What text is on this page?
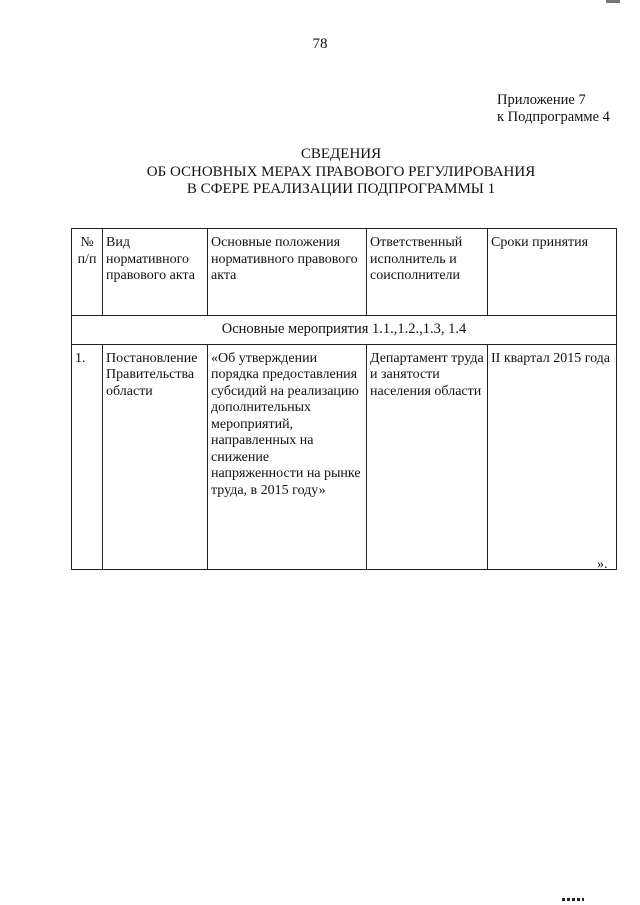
78
Приложение 7
к Подпрограмме 4
СВЕДЕНИЯ
ОБ ОСНОВНЫХ МЕРАХ ПРАВОВОГО РЕГУЛИРОВАНИЯ
В СФЕРЕ РЕАЛИЗАЦИИ ПОДПРОГРАММЫ 1
№ п/п	Вид нормативного правового акта	Основные положения нормативного правового акта	Ответственный исполнитель и соисполнители	Сроки принятия
Основные мероприятия 1.1.,1.2.,1.3, 1.4				
1.	Постановление Правительства области	«Об утверждении порядка предоставления субсидий на реализацию дополнительных мероприятий, направленных на снижение напряженности на рынке труда, в 2015 году»	Департамент труда и занятости населения области	II квартал 2015 года
».
